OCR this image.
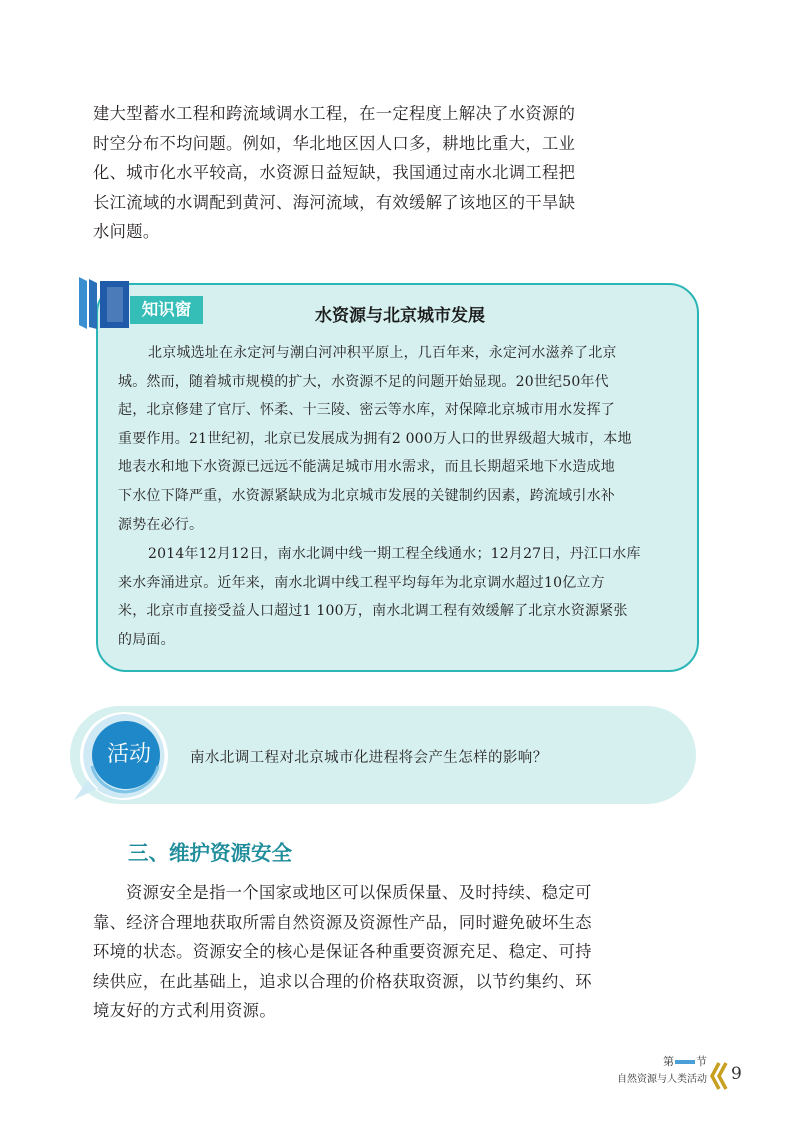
建大型蓄水工程和跨流域调水工程，在一定程度上解决了水资源的
时空分布不均问题。例如，华北地区因人口多，耕地比重大，工业
化、城市化水平较高，水资源日益短缺，我国通过南水北调工程把
长江流域的水调配到黄河、海河流域，有效缓解了该地区的干旱缺
水问题。
知识窗	水资源与北京城市发展
北京城选址在永定河与潮白河冲积平原上，几百年来，永定河水滋养了北京
城。然而，随着城市规模的扩大，水资源不足的问题开始显现。20世纪50年代
起，北京修建了官厅、怀柔、十三陵、密云等水库，对保障北京城市用水发挥了
重要作用。21世纪初，北京已发展成为拥有2 000万人口的世界级超大城市，本地
地表水和地下水资源已远远不能满足城市用水需求，而且长期超采地下水造成地
下水位下降严重，水资源紧缺成为北京城市发展的关键制约因素，跨流域引水补
源势在必行。
2014年12月12日，南水北调中线一期工程全线通水；12月27日，丹江口水库
来水奔涌进京。近年来，南水北调中线工程平均每年为北京调水超过10亿立方
米，北京市直接受益人口超过1 100万，南水北调工程有效缓解了北京水资源紧张
的局面。
活动	南水北调工程对北京城市化进程将会产生怎样的影响？
三、维护资源安全
资源安全是指一个国家或地区可以保质保量、及时持续、稳定可
靠、经济合理地获取所需自然资源及资源性产品，同时避免破坏生态
环境的状态。资源安全的核心是保证各种重要资源充足、稳定、可持
续供应，在此基础上，追求以合理的价格获取资源，以节约集约、环
境友好的方式利用资源。
第 节
自然资源与人类活动 9
